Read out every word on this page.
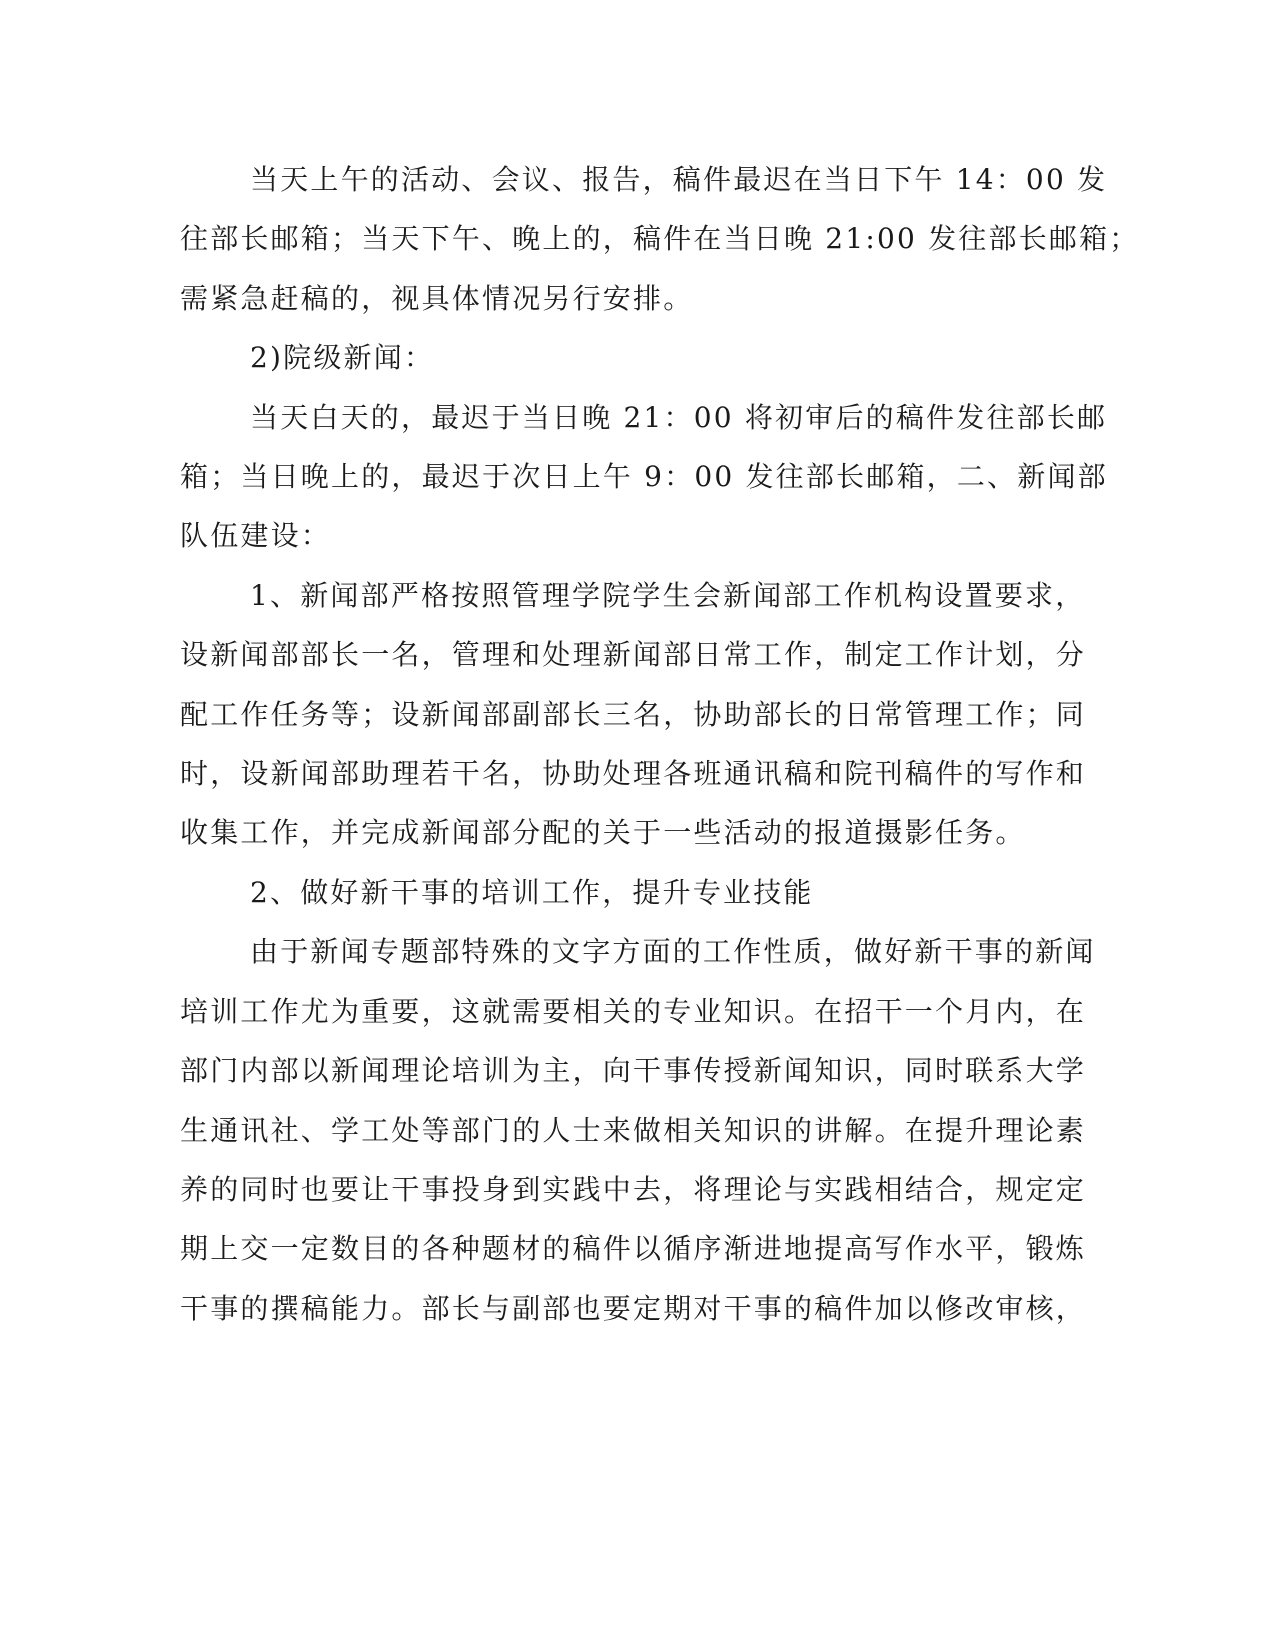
当天上午的活动、会议、报告，稿件最迟在当日下午 14：00 发
往部长邮箱；当天下午、晚上的，稿件在当日晚 21:00 发往部长邮箱；
需紧急赶稿的，视具体情况另行安排。
2)院级新闻：
当天白天的，最迟于当日晚 21：00 将初审后的稿件发往部长邮
箱；当日晚上的，最迟于次日上午 9：00 发往部长邮箱，二、新闻部
队伍建设：
1、新闻部严格按照管理学院学生会新闻部工作机构设置要求，
设新闻部部长一名，管理和处理新闻部日常工作，制定工作计划，分
配工作任务等；设新闻部副部长三名，协助部长的日常管理工作；同
时，设新闻部助理若干名，协助处理各班通讯稿和院刊稿件的写作和
收集工作，并完成新闻部分配的关于一些活动的报道摄影任务。
2、做好新干事的培训工作，提升专业技能
由于新闻专题部特殊的文字方面的工作性质，做好新干事的新闻
培训工作尤为重要，这就需要相关的专业知识。在招干一个月内，在
部门内部以新闻理论培训为主，向干事传授新闻知识，同时联系大学
生通讯社、学工处等部门的人士来做相关知识的讲解。在提升理论素
养的同时也要让干事投身到实践中去，将理论与实践相结合，规定定
期上交一定数目的各种题材的稿件以循序渐进地提高写作水平，锻炼
干事的撰稿能力。部长与副部也要定期对干事的稿件加以修改审核，
